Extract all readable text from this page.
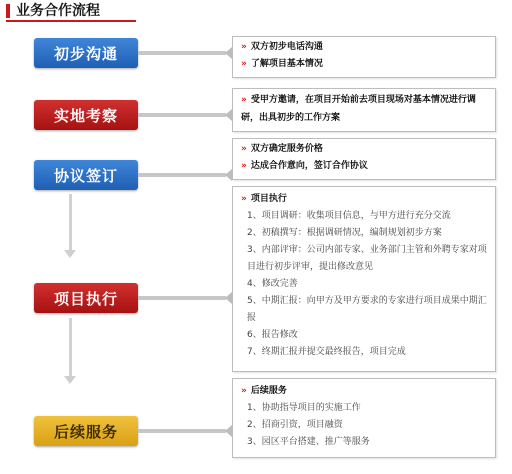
业务合作流程
初步沟通	» 双方初步电话沟通
» 了解项目基本情况
实地考察
» 受甲方邀请，在项目开始前去项目现场对基本情况进行调研，出具初步的工作方案
协议签订
» 双方确定服务价格
» 达成合作意向，签订合作协议
项目执行
» 项目执行
1、项目调研：收集项目信息，与甲方进行充分交流
2、初稿撰写：根据调研情况，编制规划初步方案
3、内部评审：公司内部专家、业务部门主管和外聘专家对项目进行初步评审，提出修改意见
4、修改完善
5、中期汇报：向甲方及甲方要求的专家进行项目成果中期汇报
6、报告修改
7、终期汇报并提交最终报告，项目完成
后续服务
» 后续服务
1、协助指导项目的实施工作
2、招商引资，项目融资
3、园区平台搭建、推广等服务
